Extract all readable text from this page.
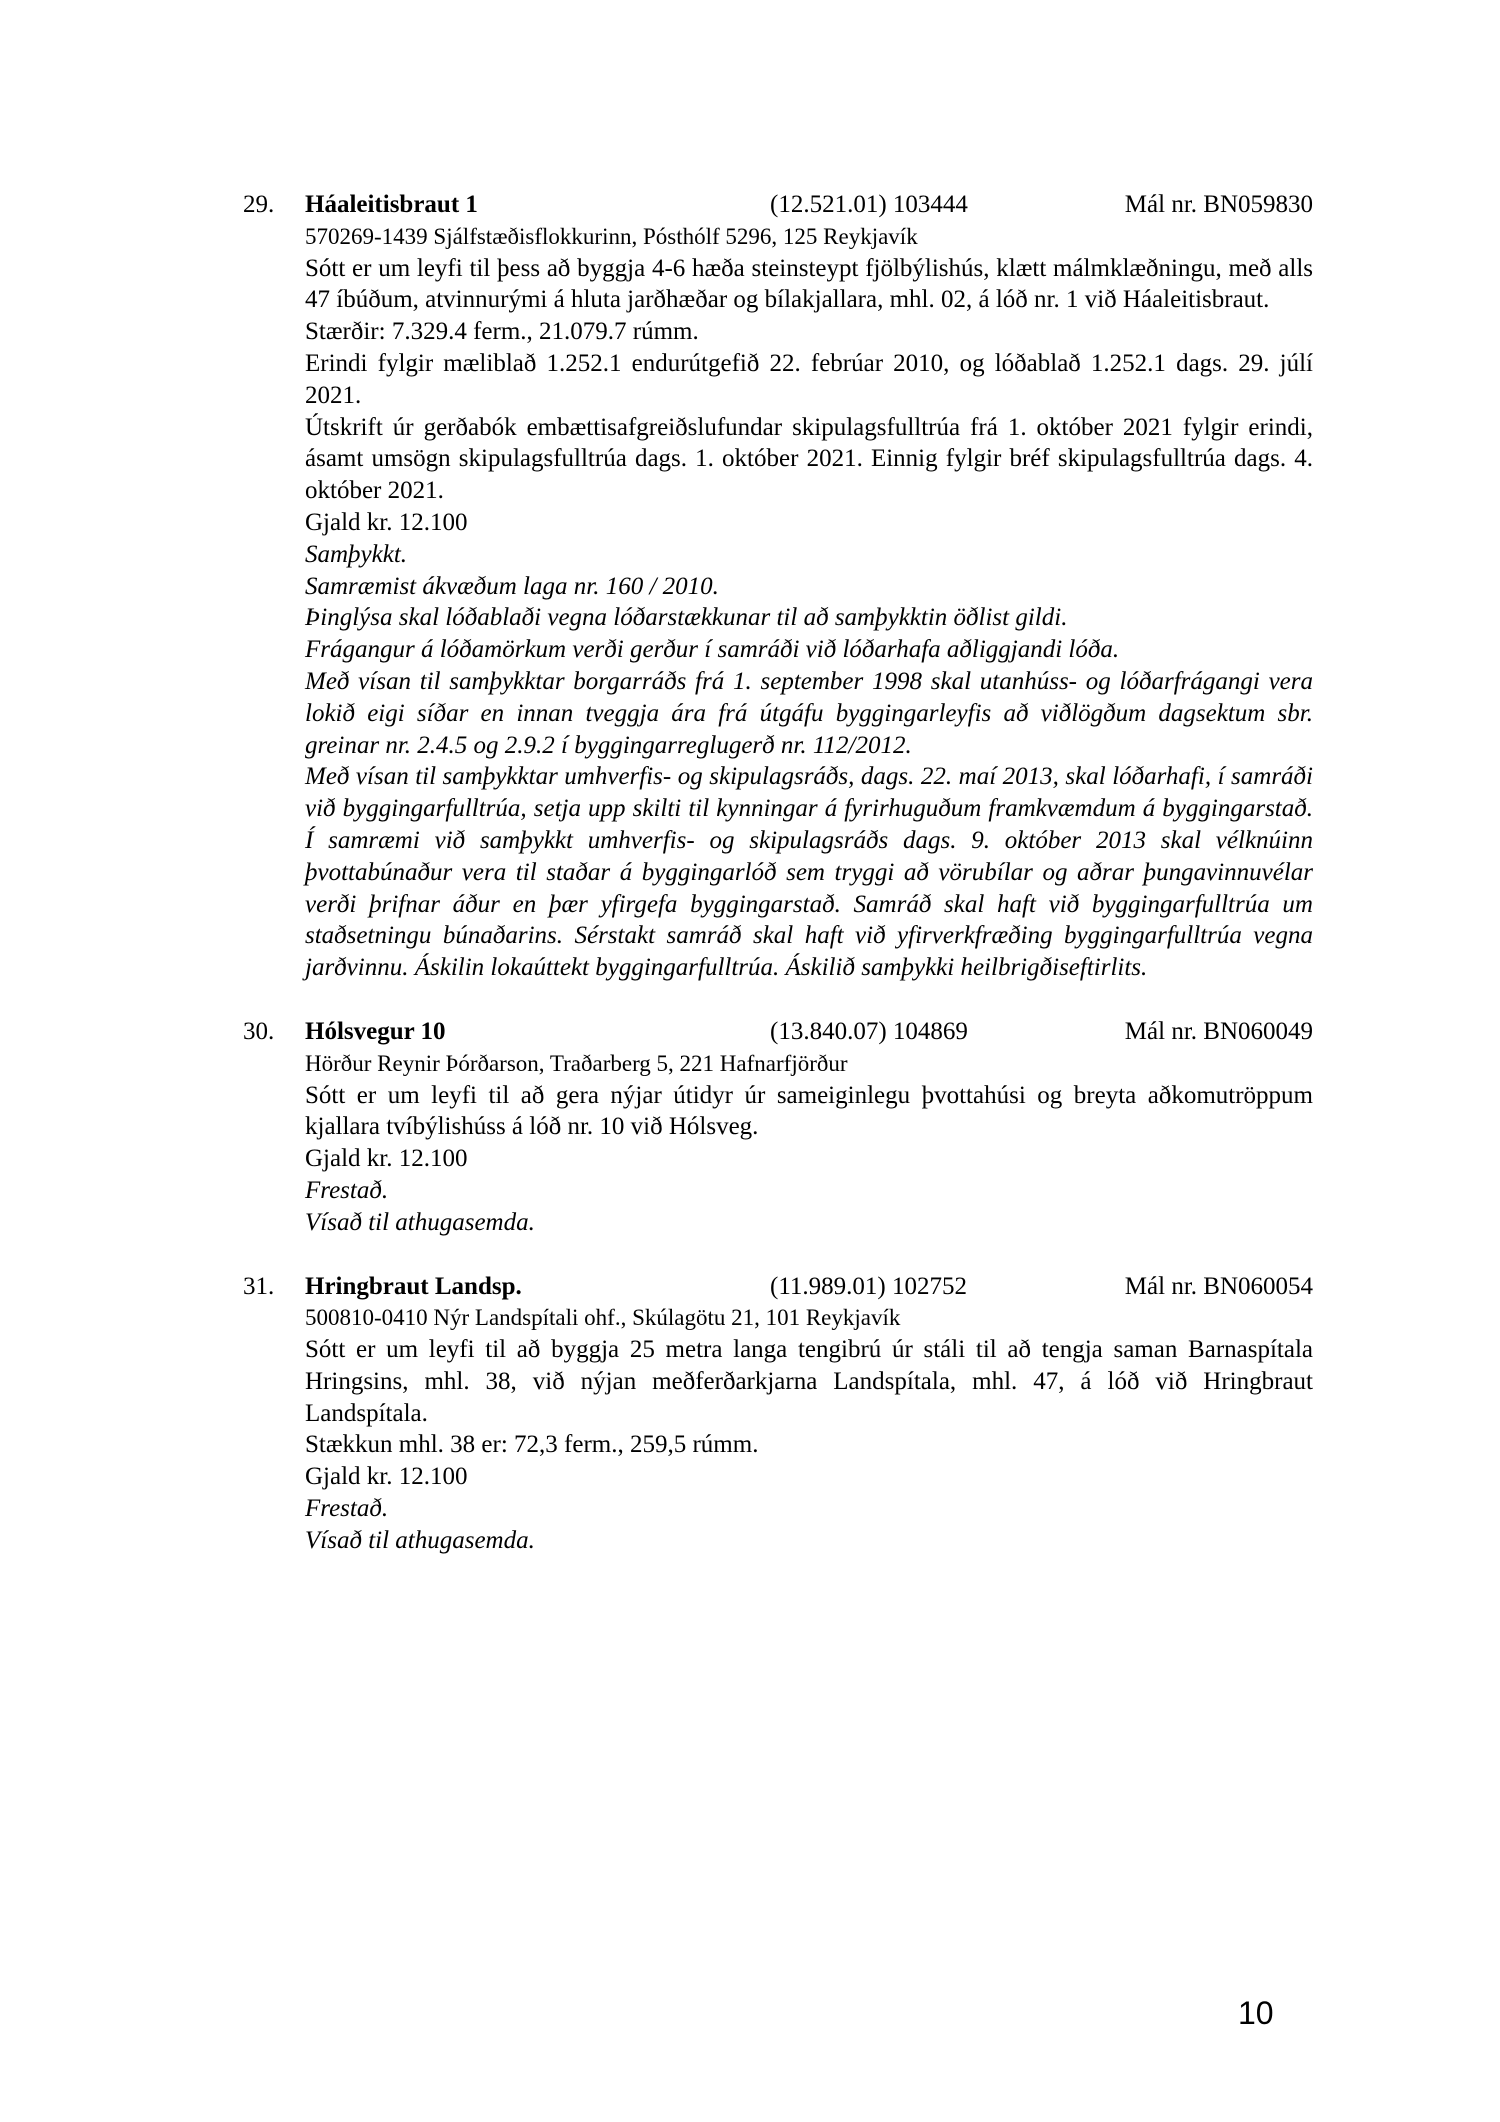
29. Háaleitisbraut 1	(12.521.01) 103444	Mál nr. BN059830
570269-1439 Sjálfstæðisflokkurinn, Pósthólf 5296, 125 Reykjavík

Sótt er um leyfi til þess að byggja 4-6 hæða steinsteypt fjölbýlishús, klætt málmklæðningu, með alls 47 íbúðum, atvinnurými á hluta jarðhæðar og bílakjallara, mhl. 02, á lóð nr. 1 við Háaleitisbraut.

Stærðir: 7.329.4 ferm., 21.079.7 rúmm.

Erindi fylgir mæliblað 1.252.1 endurútgefið 22. febrúar 2010, og lóðablað 1.252.1 dags. 29. júlí 2021.

Útskrift úr gerðabók embættisafgreiðslufundar skipulagsfulltrúa frá 1. október 2021 fylgir erindi, ásamt umsögn skipulagsfulltrúa dags. 1. október 2021. Einnig fylgir bréf skipulagsfulltrúa dags. 4. október 2021.

Gjald kr. 12.100

Samþykkt.

Samræmist ákvæðum laga nr. 160 / 2010.

Þinglýsa skal lóðablaði vegna lóðarstækkunar til að samþykktin öðlist gildi.

Frágangur á lóðamörkum verði gerður í samráði við lóðarhafa aðliggjandi lóða.

Með vísan til samþykktar borgarráðs frá 1. september 1998 skal utanhúss- og lóðarfrágangi vera lokið eigi síðar en innan tveggja ára frá útgáfu byggingarleyfis að viðlögðum dagsektum sbr. greinar nr. 2.4.5 og 2.9.2 í byggingarreglugerð nr. 112/2012.

Með vísan til samþykktar umhverfis- og skipulagsráðs, dags. 22. maí 2013, skal lóðarhafi, í samráði við byggingarfulltrúa, setja upp skilti til kynningar á fyrirhuguðum framkvæmdum á byggingarstað. Í samræmi við samþykkt umhverfis- og skipulagsráðs dags. 9. október 2013 skal vélknúinn þvottabúnaður vera til staðar á byggingarlóð sem tryggi að vörubílar og aðrar þungavinnuvélar verði þrifnar áður en þær yfirgefa byggingarstað. Samráð skal haft við byggingarfulltrúa um staðsetningu búnaðarins. Sérstakt samráð skal haft við yfirverkfræðing byggingarfulltrúa vegna jarðvinnu. Áskilin lokaúttekt byggingarfulltrúa. Áskilið samþykki heilbrigðiseftirlits.

30. Hólsvegur 10	(13.840.07) 104869	Mál nr. BN060049
Hörður Reynir Þórðarson, Traðarberg 5, 221 Hafnarfjörður

Sótt er um leyfi til að gera nýjar útidyr úr sameiginlegu þvottahúsi og breyta aðkomutröppum kjallara tvíbýlishúss á lóð nr. 10 við Hólsveg.

Gjald kr. 12.100

Frestað.

Vísað til athugasemda.

31. Hringbraut Landsp.	(11.989.01) 102752	Mál nr. BN060054
500810-0410 Nýr Landspítali ohf., Skúlagötu 21, 101 Reykjavík

Sótt er um leyfi til að byggja 25 metra langa tengibrú úr stáli til að tengja saman Barnaspítala Hringsins, mhl. 38, við nýjan meðferðarkjarna Landspítala, mhl. 47, á lóð við Hringbraut Landspítala.

Stækkun mhl. 38 er: 72,3 ferm., 259,5 rúmm.

Gjald kr. 12.100

Frestað.

Vísað til athugasemda.

10
